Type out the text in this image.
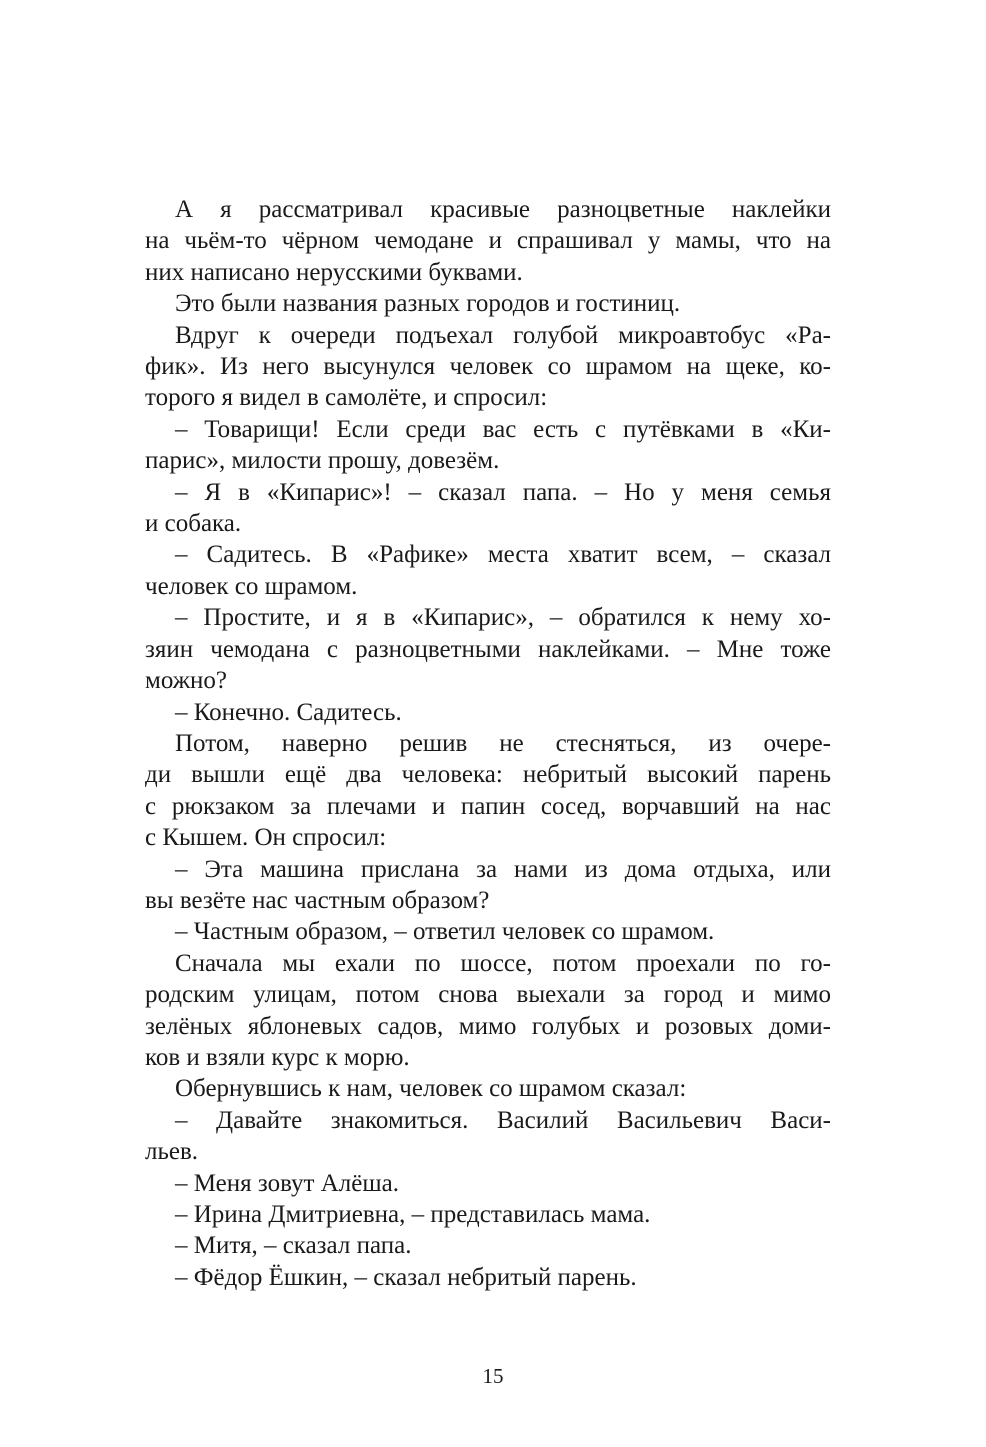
А я рассматривал красивые разноцветные наклейки
на чьём-то чёрном чемодане и спрашивал у мамы, что на
них написано нерусскими буквами.
Это были названия разных городов и гостиниц.
Вдруг к очереди подъехал голубой микроавтобус «Ра-
фик». Из него высунулся человек со шрамом на щеке, ко-
торого я видел в самолёте, и спросил:
– Товарищи! Если среди вас есть с путёвками в «Ки-
парис», милости прошу, довезём.
– Я в «Кипарис»! – сказал папа. – Но у меня семья
и собака.
– Садитесь. В «Рафике» места хватит всем, – сказал
человек со шрамом.
– Простите, и я в «Кипарис», – обратился к нему хо-
зяин чемодана с разноцветными наклейками. – Мне тоже
можно?
– Конечно. Садитесь.
Потом, наверно решив не стесняться, из очере-
ди вышли ещё два человека: небритый высокий парень
с рюкзаком за плечами и папин сосед, ворчавший на нас
с Кышем. Он спросил:
– Эта машина прислана за нами из дома отдыха, или
вы везёте нас частным образом?
– Частным образом, – ответил человек со шрамом.
Сначала мы ехали по шоссе, потом проехали по го-
родским улицам, потом снова выехали за город и мимо
зелёных яблоневых садов, мимо голубых и розовых доми-
ков и взяли курс к морю.
Обернувшись к нам, человек со шрамом сказал:
– Давайте знакомиться. Василий Васильевич Васи-
льев.
– Меня зовут Алёша.
– Ирина Дмитриевна, – представилась мама.
– Митя, – сказал папа.
– Фёдор Ёшкин, – сказал небритый парень.
15
